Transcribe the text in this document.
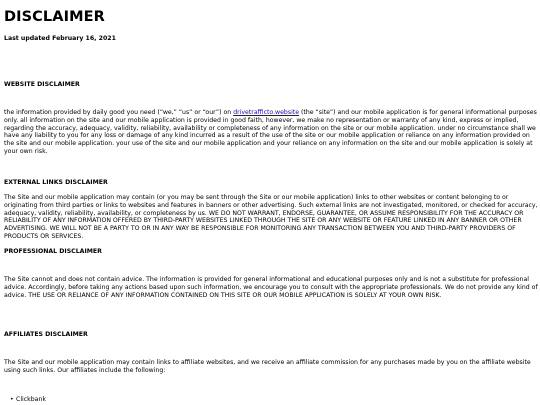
DISCLAIMER

Last updated February 16, 2021

WEBSITE DISCLAIMER

the information provided by daily good you need (“we,” “us” or “our”) on drivetrafficto.website (the “site”) and our mobile application is for general informational purposes only. all information on the site and our mobile application is provided in good faith, however, we make no representation or warranty of any kind, express or implied, regarding the accuracy, adequacy, validity, reliability, availability or completeness of any information on the site or our mobile application. under no circumstance shall we have any liability to you for any loss or damage of any kind incurred as a result of the use of the site or our mobile application or reliance on any information provided on the site and our mobile application. your use of the site and our mobile application and your reliance on any information on the site and our mobile application is solely at your own risk.

EXTERNAL LINKS DISCLAIMER

The Site and our mobile application may contain (or you may be sent through the Site or our mobile application) links to other websites or content belonging to or originating from third parties or links to websites and features in banners or other advertising. Such external links are not investigated, monitored, or checked for accuracy, adequacy, validity, reliability, availability, or completeness by us. WE DO NOT WARRANT, ENDORSE, GUARANTEE, OR ASSUME RESPONSIBILITY FOR THE ACCURACY OR RELIABILITY OF ANY INFORMATION OFFERED BY THIRD-PARTY WEBSITES LINKED THROUGH THE SITE OR ANY WEBSITE OR FEATURE LINKED IN ANY BANNER OR OTHER ADVERTISING. WE WILL NOT BE A PARTY TO OR IN ANY WAY BE RESPONSIBLE FOR MONITORING ANY TRANSACTION BETWEEN YOU AND THIRD-PARTY PROVIDERS OF PRODUCTS OR SERVICES.

PROFESSIONAL DISCLAIMER

The Site cannot and does not contain advice. The information is provided for general informational and educational purposes only and is not a substitute for professional advice. Accordingly, before taking any actions based upon such information, we encourage you to consult with the appropriate professionals. We do not provide any kind of advice. THE USE OR RELIANCE OF ANY INFORMATION CONTAINED ON THIS SITE OR OUR MOBILE APPLICATION IS SOLELY AT YOUR OWN RISK.

AFFILIATES DISCLAIMER

The Site and our mobile application may contain links to affiliate websites, and we receive an affiliate commission for any purchases made by you on the affiliate website using such links. Our affiliates include the following:

• Clickbank
